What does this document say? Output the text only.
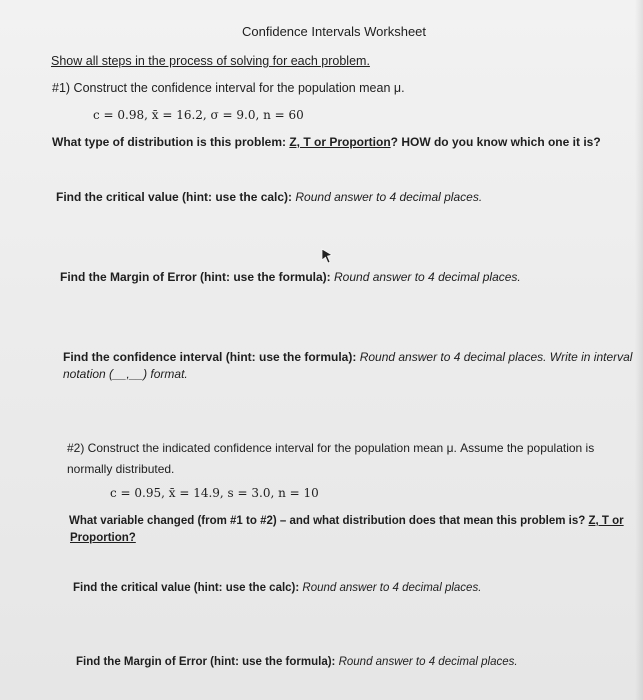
Confidence Intervals Worksheet
Show all steps in the process of solving for each problem.
#1) Construct the confidence interval for the population mean μ.
c = 0.98, x̄ = 16.2, σ = 9.0, n = 60
What type of distribution is this problem: Z, T or Proportion? HOW do you know which one it is?
Find the critical value (hint: use the calc): Round answer to 4 decimal places.
Find the Margin of Error (hint: use the formula): Round answer to 4 decimal places.
Find the confidence interval (hint: use the formula): Round answer to 4 decimal places. Write in interval
notation (__,__) format.
#2) Construct the indicated confidence interval for the population mean μ. Assume the population is
normally distributed.
c = 0.95, x̄ = 14.9, s = 3.0, n = 10
What variable changed (from #1 to #2) – and what distribution does that mean this problem is? Z, T or
Proportion?
Find the critical value (hint: use the calc): Round answer to 4 decimal places.
Find the Margin of Error (hint: use the formula): Round answer to 4 decimal places.
